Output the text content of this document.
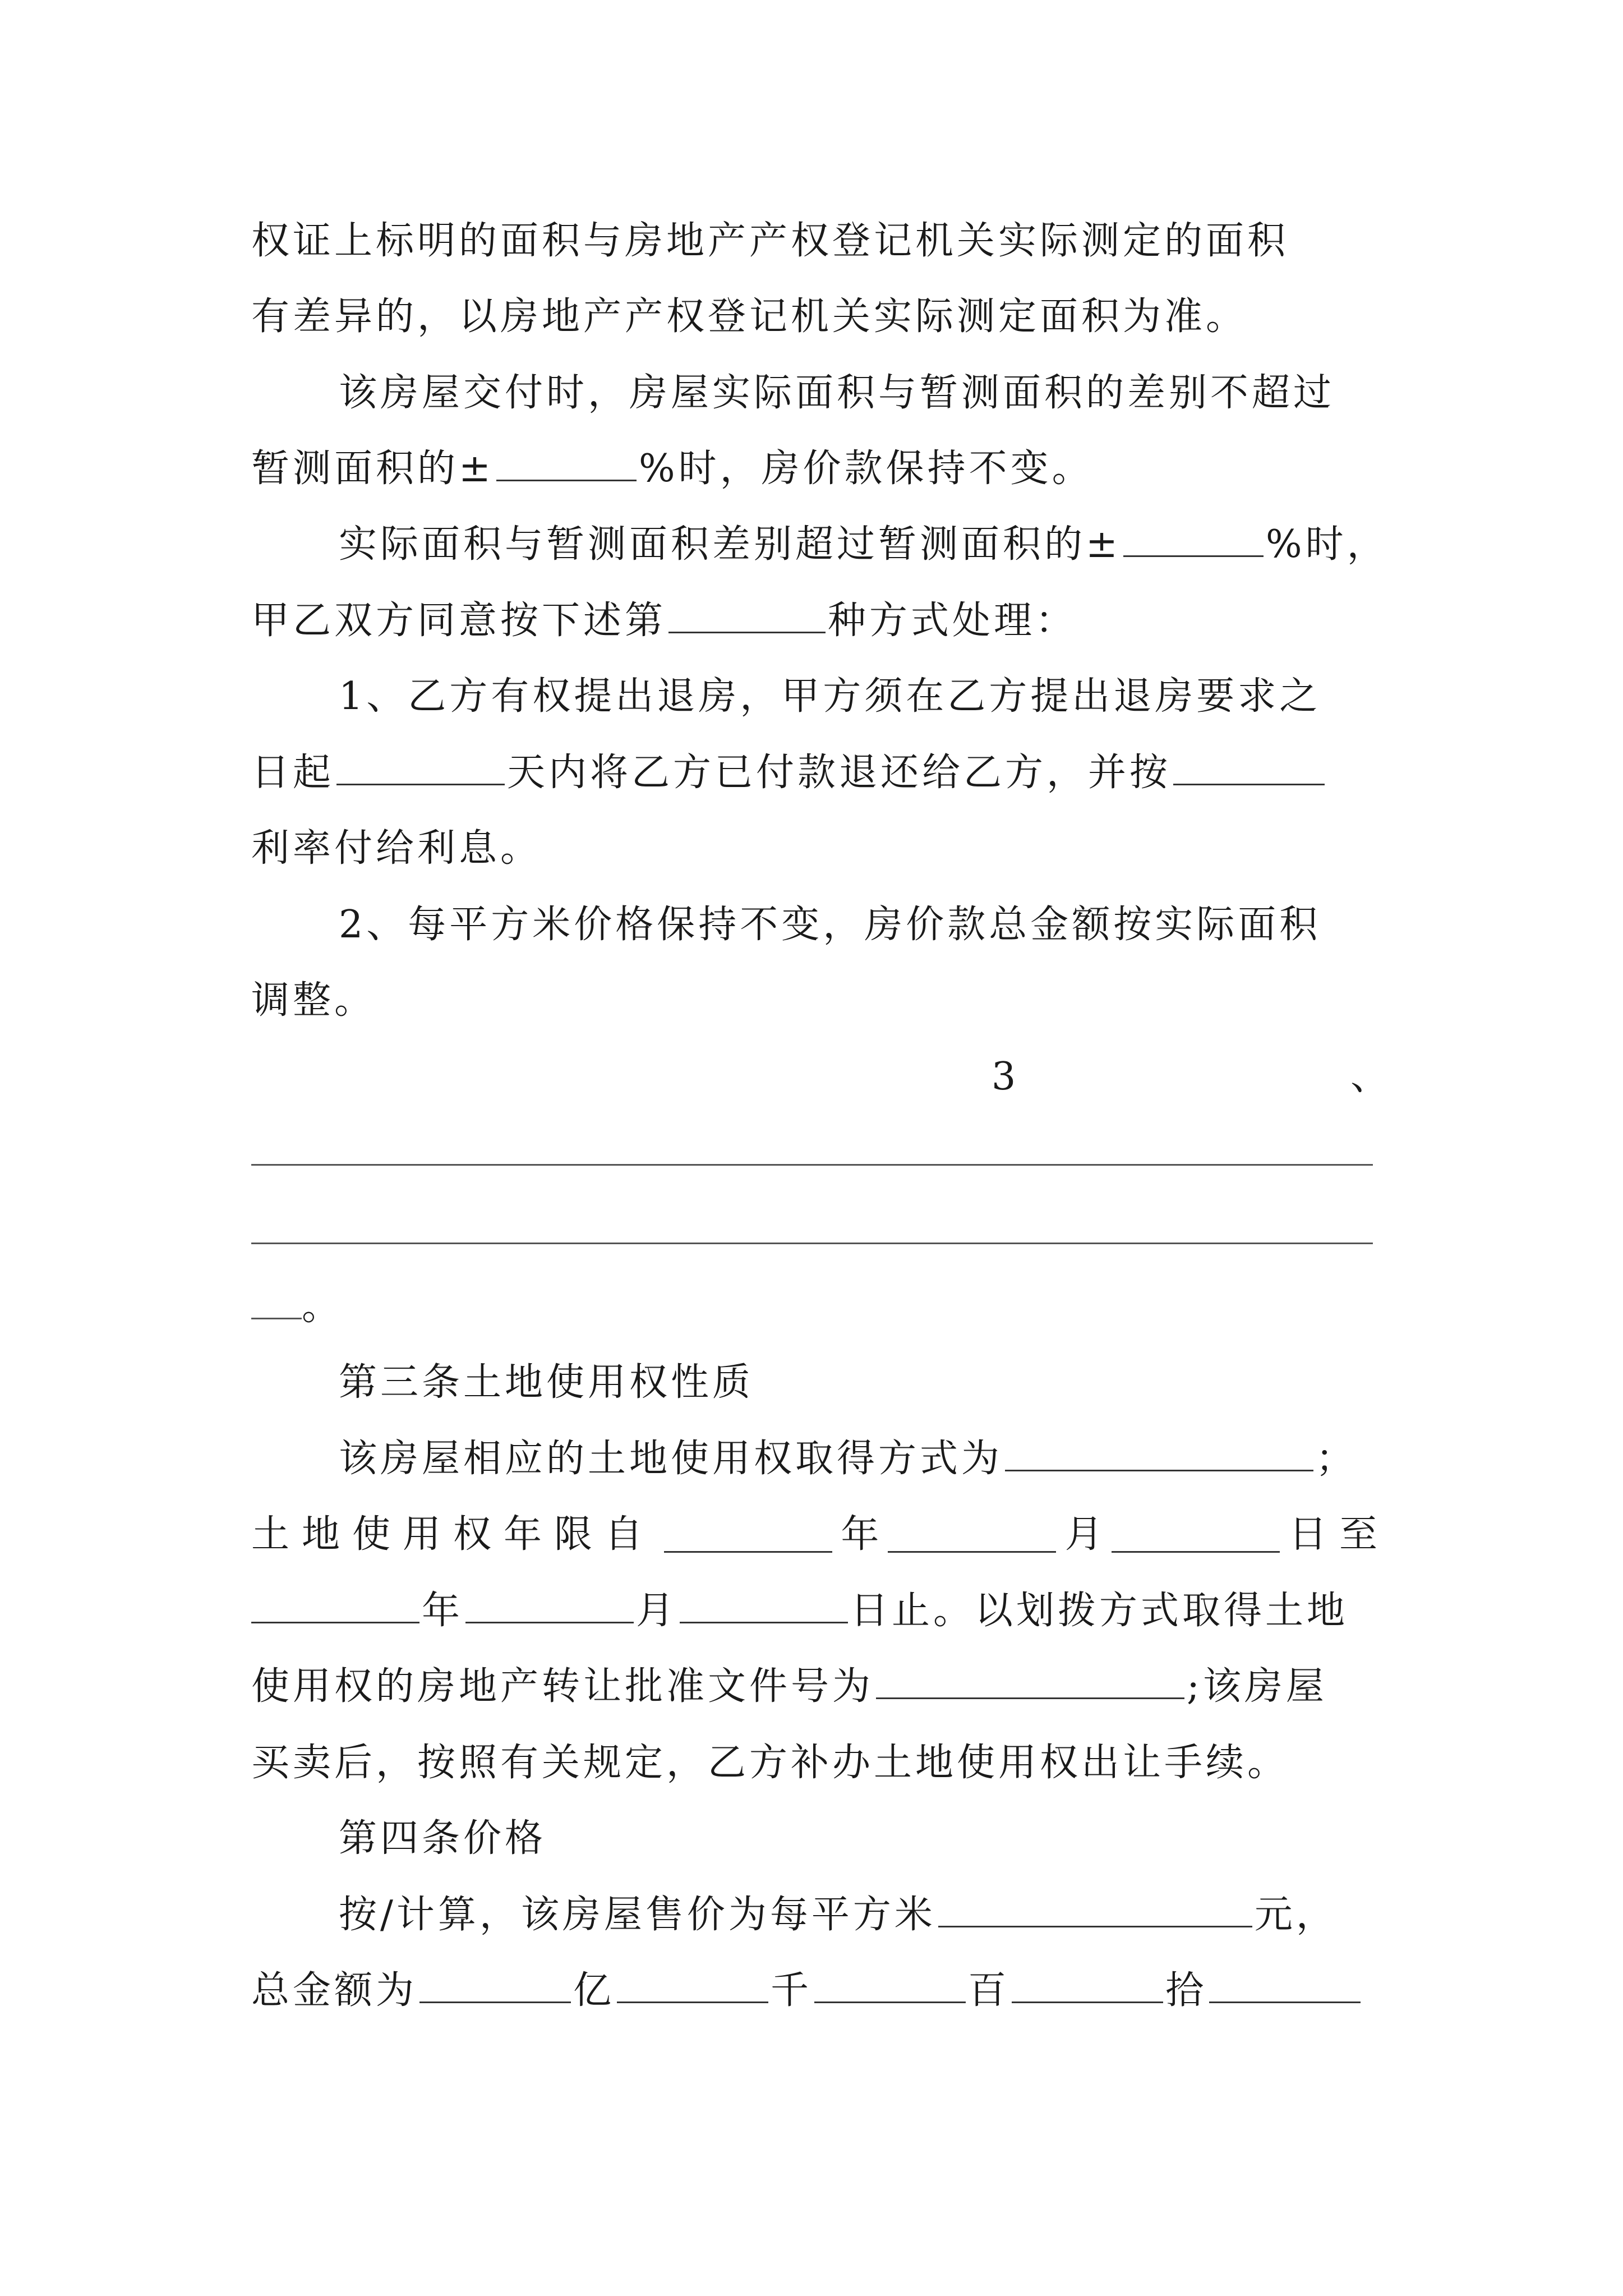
权证上标明的面积与房地产产权登记机关实际测定的面积
有差异的，以房地产产权登记机关实际测定面积为准。
该房屋交付时，房屋实际面积与暂测面积的差别不超过
暂测面积的±	%时，房价款保持不变。
实际面积与暂测面积差别超过暂测面积的±	%时，
甲乙双方同意按下述第	种方式处理：
1、乙方有权提出退房，甲方须在乙方提出退房要求之
日起	天内将乙方已付款退还给乙方，并按
利率付给利息。
2、每平方米价格保持不变，房价款总金额按实际面积
调整。
3	、
。
第三条土地使用权性质
该房屋相应的土地使用权取得方式为	；
土地使用权年限自	年	月	日至
年	月	日止。以划拨方式取得土地
使用权的房地产转让批准文件号为	;该房屋
买卖后，按照有关规定，乙方补办土地使用权出让手续。
第四条价格
按/计算，该房屋售价为每平方米	元，
总金额为	亿	千	百	拾
